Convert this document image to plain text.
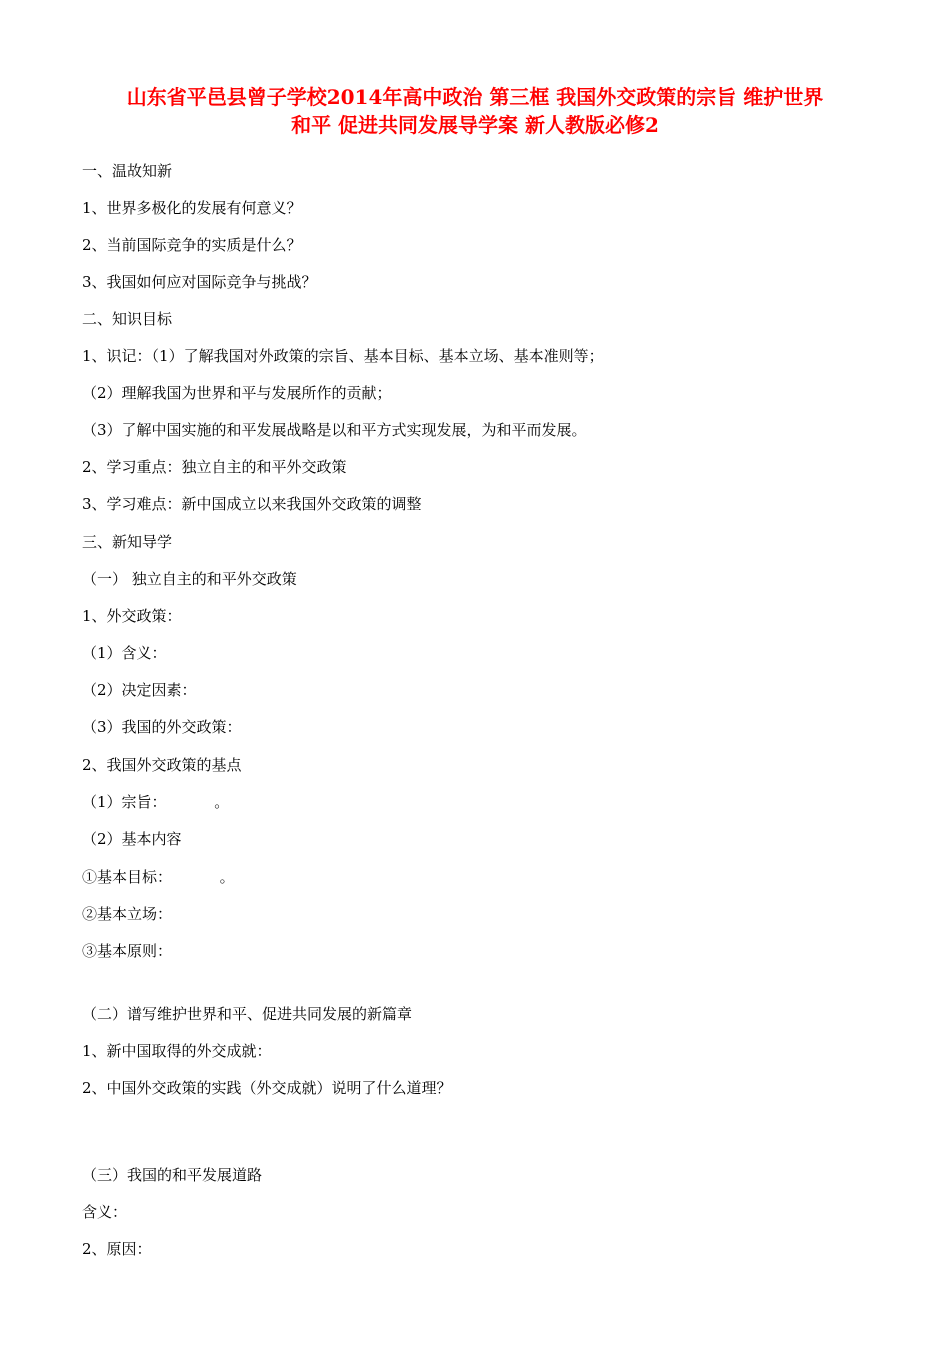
山东省平邑县曾子学校2014年高中政治 第三框 我国外交政策的宗旨 维护世界
和平 促进共同发展导学案 新人教版必修2
一、温故知新
1、世界多极化的发展有何意义？
2、当前国际竞争的实质是什么？
3、我国如何应对国际竞争与挑战？
二、知识目标
1、识记：（1）了解我国对外政策的宗旨、基本目标、基本立场、基本准则等；
（2）理解我国为世界和平与发展所作的贡献；
（3）了解中国实施的和平发展战略是以和平方式实现发展，为和平而发展。
2、学习重点：独立自主的和平外交政策
3、学习难点：新中国成立以来我国外交政策的调整
三、新知导学
（一） 独立自主的和平外交政策
1、外交政策：
（1）含义：
（2）决定因素：
（3）我国的外交政策：
2、我国外交政策的基点
（1）宗旨：          。
（2）基本内容
①基本目标：          。
②基本立场：
③基本原则：
（二）谱写维护世界和平、促进共同发展的新篇章
1、新中国取得的外交成就：
2、中国外交政策的实践（外交成就）说明了什么道理？
（三）我国的和平发展道路
含义：
2、原因：
